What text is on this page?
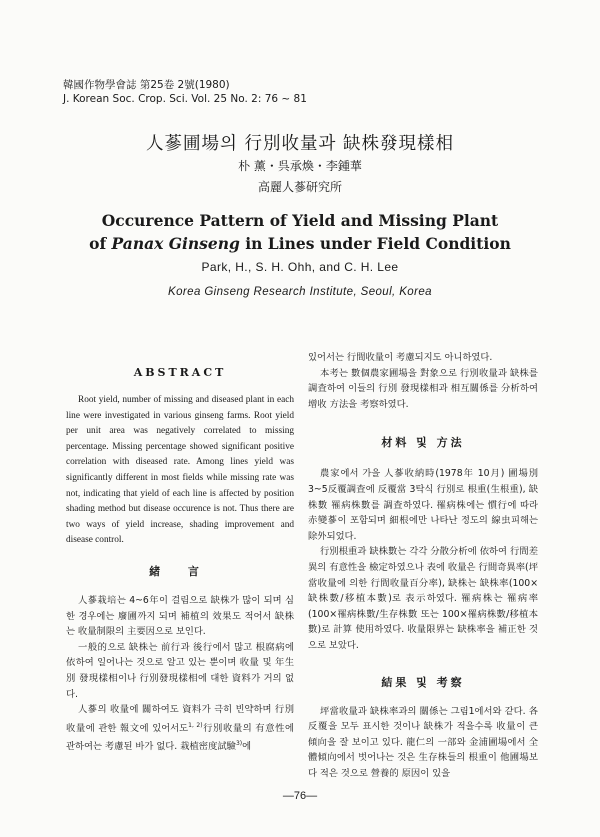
韓國作物學會誌 第25卷 2號(1980)
J. Korean Soc. Crop. Sci. Vol. 25 No. 2: 76 ~ 81
人蔘圃場의 行別收量과 缺株發現樣相
朴 薰・呉承煥・李鍾華
高麗人蔘研究所
Occurence Pattern of Yield and Missing Plant
of Panax Ginseng in Lines under Field Condition
Park, H., S. H. Ohh, and C. H. Lee
Korea Ginseng Research Institute, Seoul, Korea
ABSTRACT

Root yield, number of missing and diseased plant in each line were investigated in various ginseng farms. Root yield per unit area was negatively correlated to missing percentage. Missing percentage showed significant positive correlation with diseased rate. Among lines yield was significantly different in most fields while missing rate was not, indicating that yield of each line is affected by position shading method but disease occurence is not. Thus there are two ways of yield increase, shading improvement and disease control.

緒 言

人蔘栽培는 4~6年이 걸림으로 缺株가 많이 되며 심한 경우에는 廢圃까지 되며 補植의 效果도 적어서 缺株는 收量制限의 主要因으로 보인다.

一般的으로 缺株는 前行과 後行에서 많고 根腐病에 依하여 일어나는 것으로 알고 있는 뿐이며 收量 및 年生別 發現樣相이나 行別發現樣相에 대한 資料가 거의 없다.

人蔘의 收量에 關하여도 資料가 극히 빈약하며 行別收量에 관한 報文에 있어서도$^{1, 2)}$行別收量의 有意性에 관하여는 考慮된 바가 없다. 栽植密度試驗$^{3)}$에

있어서는 行間收量이 考慮되지도 아니하였다.

本考는 數個農家圃場을 對象으로 行別收量과 缺株를 調査하여 이들의 行別 發現樣相과 相互關係를 分析하여 增收 方法을 考察하였다.

材料 및 方法

農家에서 가을 人蔘收納時(1978年 10月) 圃場別 3~5反覆調査에 反覆當 3탁식 行別로 根重(生根重), 缺株數 罹病株數를 調査하였다. 罹病株에는 慣行에 따라 赤變蔘이 포함되며 細根에만 나타난 정도의 線虫피해는 除外되었다.

行別根重과 缺株數는 각각 分散分析에 依하여 行間差異의 有意性을 檢定하였으나 表에 收量은 行間奇異率(坪當收量에 의한 行間收量百分率), 缺株는 缺株率(100×缺株數/移植本數)로 表示하였다. 罹病株는 罹病率(100×罹病株數/生存株數 또는 100×罹病株數/移植本數)로 計算 使用하였다. 收量限界는 缺株率을 補正한 것으로 보았다.

結果 및 考察

坪當收量과 缺株率과의 關係는 그림1에서와 같다. 各反覆을 모두 표시한 것이나 缺株가 적을수록 收量이 큰 傾向을 잘 보이고 있다. 龍仁의 一部와 金浦圃場에서 全體傾向에서 벗어나는 것은 生存株들의 根重이 他圃場보다 적은 것으로 營養的 原因이 있을

—76—
